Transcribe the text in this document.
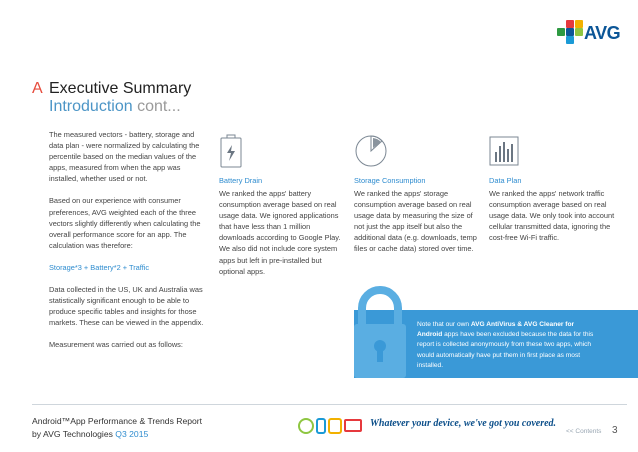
AVG
A Executive Summary
Introduction cont...

The measured vectors - battery, storage and data plan - were normalized by calculating the percentile based on the median values of the apps, measured from when the app was installed, whether used or not.

Based on our experience with consumer preferences, AVG weighted each of the three vectors slightly differently when calculating the overall performance score for an app. The calculation was therefore:

Storage*3 + Battery*2 + Traffic

Data collected in the US, UK and Australia was statistically significant enough to be able to produce specific tables and insights for those markets. These can be viewed in the appendix.

Measurement was carried out as follows:

Battery Drain
We ranked the apps' battery consumption average based on real usage data. We ignored applications that have less than 1 million downloads according to Google Play. We also did not include core system apps but left in pre-installed but optional apps.
Storage Consumption
We ranked the apps' storage consumption average based on real usage data by measuring the size of not just the app itself but also the additional data (e.g. downloads, temp files or cache data) stored over time.
Data Plan
We ranked the apps' network traffic consumption average based on real usage data. We only took into account cellular transmitted data, ignoring the cost-free Wi-Fi traffic.
Note that our own AVG AntiVirus & AVG Cleaner for Android apps have been excluded because the data for this report is collected anonymously from these two apps, which would automatically have put them in first place as most installed.
Android™App Performance & Trends Report
by AVG Technologies Q3 2015
Whatever your device, we've got you covered.
<< Contents 3
